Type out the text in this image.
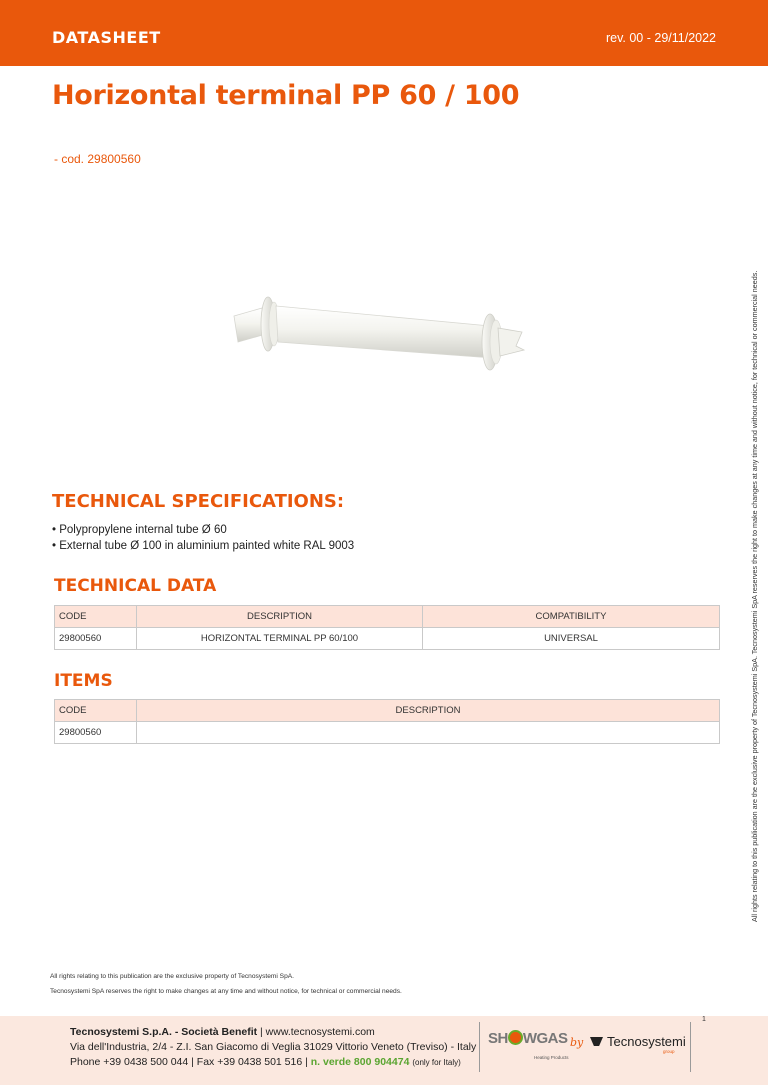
DATASHEET	rev. 00 - 29/11/2022
Horizontal terminal PP 60 / 100
- cod. 29800560
All rights relating to this publication are the exclusive property of Tecnosystemi SpA. Tecnosystemi SpA reserves the right to make changes at any time and without notice, for technical or commercial needs.
TECHNICAL SPECIFICATIONS:
• Polypropylene internal tube Ø 60
• External tube Ø 100 in aluminium painted white RAL 9003
TECHNICAL DATA
CODE	DESCRIPTION	COMPATIBILITY
29800560	HORIZONTAL TERMINAL PP 60/100	UNIVERSAL
ITEMS
CODE	DESCRIPTION
29800560	
All rights relating to this publication are the exclusive property of Tecnosystemi SpA.
Tecnosystemi SpA reserves the right to make changes at any time and without notice, for technical or commercial needs.
Tecnosystemi S.p.A. - Società Benefit | www.tecnosystemi.com
Via dell'Industria, 2/4 - Z.I. San Giacomo di Veglia 31029 Vittorio Veneto (Treviso) - Italy
Phone +39 0438 500 044 | Fax +39 0438 501 516 | n. verde 800 904474 (only for Italy)
SH WGAS
Heating Products
by	Tecnosystemi
group
1
